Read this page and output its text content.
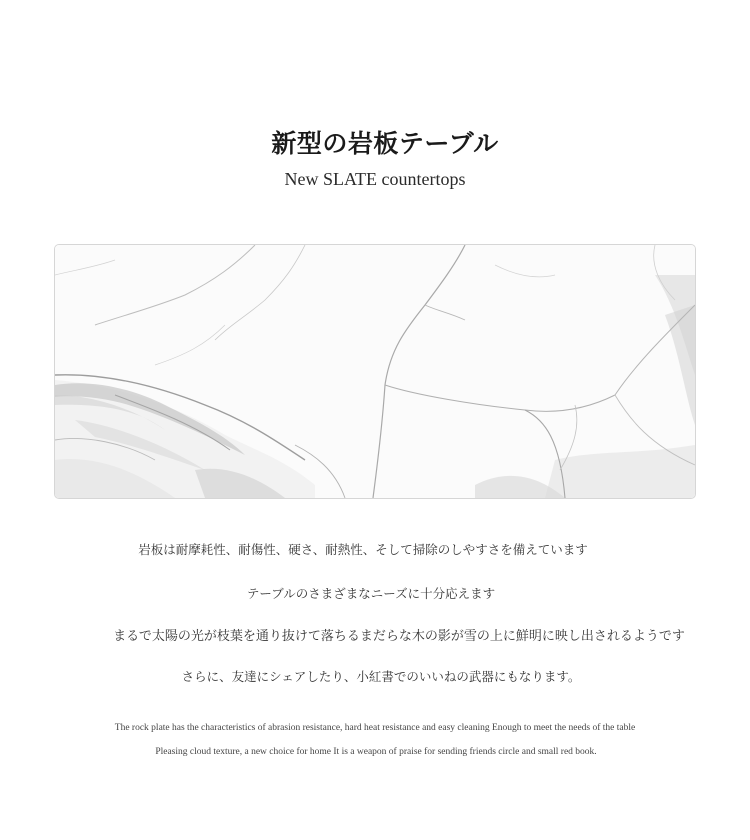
新型の岩板テーブル
New SLATE countertops
岩板は耐摩耗性、耐傷性、硬さ、耐熱性、そして掃除のしやすさを備えています
テーブルのさまざまなニーズに十分応えます
まるで太陽の光が枝葉を通り抜けて落ちるまだらな木の影が雪の上に鮮明に映し出されるようです
さらに、友達にシェアしたり、小紅書でのいいねの武器にもなります。
The rock plate has the characteristics of abrasion resistance, hard heat resistance and easy cleaning Enough to meet the needs of the table
Pleasing cloud texture, a new choice for home It is a weapon of praise for sending friends circle and small red book.
